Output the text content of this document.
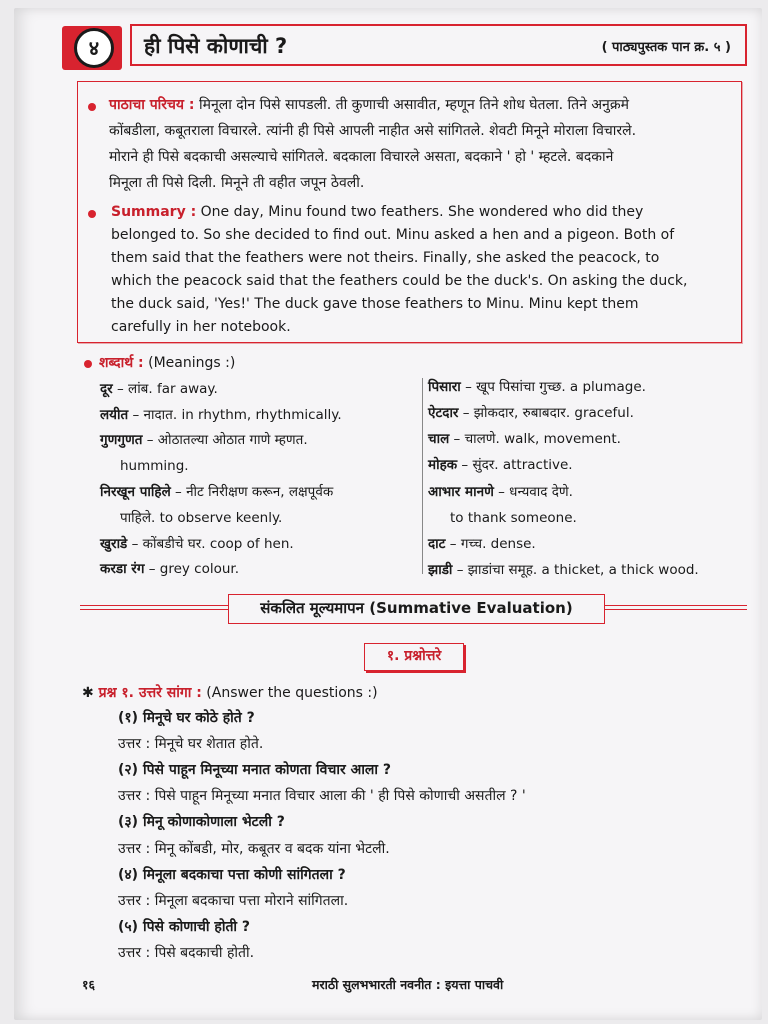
४	ही पिसे कोणाची ?	( पाठ्यपुस्तक पान क्र. ५ )
पाठाचा परिचय : मिनूला दोन पिसे सापडली. ती कुणाची असावीत, म्हणून तिने शोध घेतला. तिने अनुक्रमे
कोंबडीला, कबूतराला विचारले. त्यांनी ही पिसे आपली नाहीत असे सांगितले. शेवटी मिनूने मोराला विचारले.
मोराने ही पिसे बदकाची असल्याचे सांगितले. बदकाला विचारले असता, बदकाने ' हो ' म्हटले. बदकाने
मिनूला ती पिसे दिली. मिनूने ती वहीत जपून ठेवली.
Summary : One day, Minu found two feathers. She wondered who did they
belonged to. So she decided to find out. Minu asked a hen and a pigeon. Both of
them said that the feathers were not theirs. Finally, she asked the peacock, to
which the peacock said that the feathers could be the duck's. On asking the duck,
the duck said, 'Yes!' The duck gave those feathers to Minu. Minu kept them
carefully in her notebook.
शब्दार्थ : (Meanings :)
दूर – लांब. far away.
लयीत – नादात. in rhythm, rhythmically.
गुणगुणत – ओठातल्या ओठात गाणे म्हणत.
humming.
निरखून पाहिले – नीट निरीक्षण करून, लक्षपूर्वक
पाहिले. to observe keenly.
खुराडे – कोंबडीचे घर. coop of hen.
करडा रंग – grey colour.
पिसारा – खूप पिसांचा गुच्छ. a plumage.
ऐटदार – झोकदार, रुबाबदार. graceful.
चाल – चालणे. walk, movement.
मोहक – सुंदर. attractive.
आभार मानणे – धन्यवाद देणे.
to thank someone.
दाट – गच्च. dense.
झाडी – झाडांचा समूह. a thicket, a thick wood.
संकलित मूल्यमापन (Summative Evaluation)
१. प्रश्नोत्तरे
✱ प्रश्न १. उत्तरे सांगा : (Answer the questions :)
(१) मिनूचे घर कोठे होते ?
उत्तर : मिनूचे घर शेतात होते.
(२) पिसे पाहून मिनूच्या मनात कोणता विचार आला ?
उत्तर : पिसे पाहून मिनूच्या मनात विचार आला की ' ही पिसे कोणाची असतील ? '
(३) मिनू कोणाकोणाला भेटली ?
उत्तर : मिनू कोंबडी, मोर, कबूतर व बदक यांना भेटली.
(४) मिनूला बदकाचा पत्ता कोणी सांगितला ?
उत्तर : मिनूला बदकाचा पत्ता मोराने सांगितला.
(५) पिसे कोणाची होती ?
उत्तर : पिसे बदकाची होती.
१६	मराठी सुलभभारती नवनीत : इयत्ता पाचवी
